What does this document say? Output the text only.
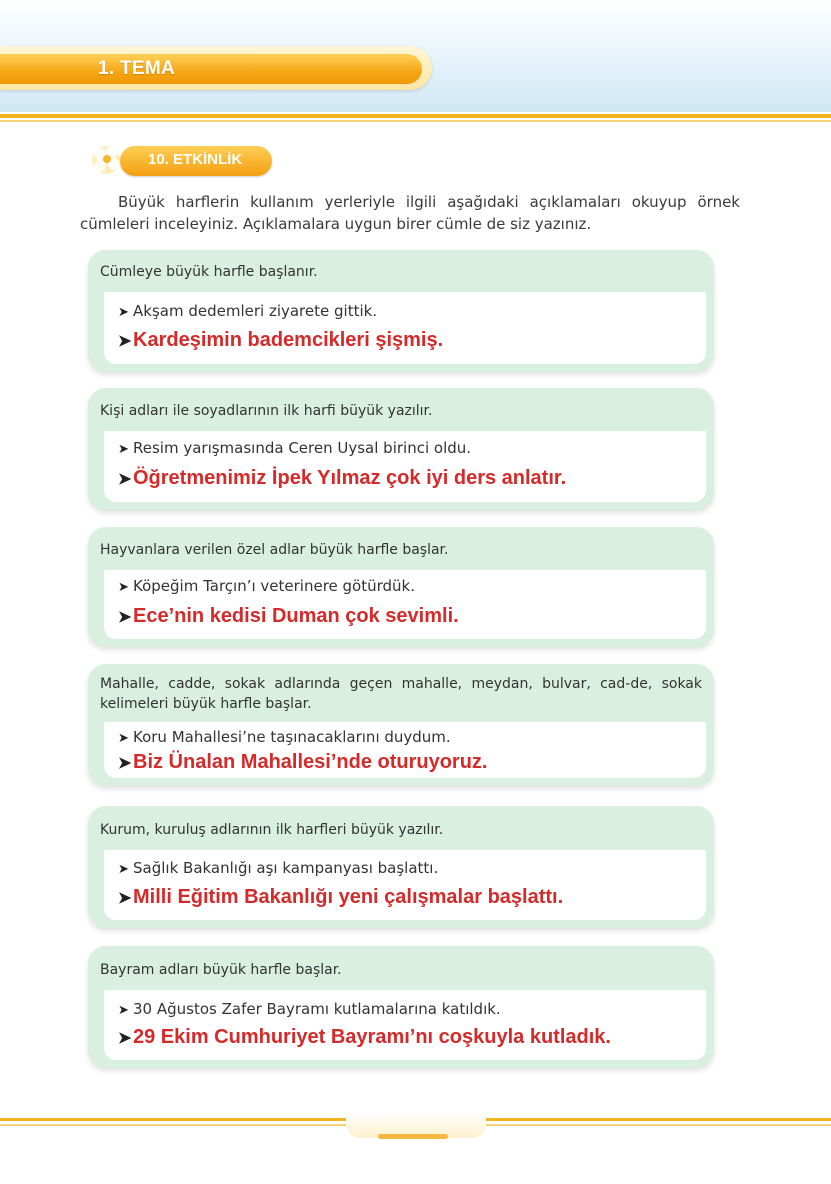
1. TEMA
10. ETKİNLİK

Büyük harflerin kullanım yerleriyle ilgili aşağıdaki açıklamaları okuyup örnek cümleleri inceleyiniz. Açıklamalara uygun birer cümle de siz yazınız.

Cümleye büyük harfle başlanır.
➤ Akşam dedemleri ziyarete gittik.
➤Kardeşimin bademcikleri şişmiş.
Kişi adları ile soyadlarının ilk harfi büyük yazılır.
➤ Resim yarışmasında Ceren Uysal birinci oldu.
➤Öğretmenimiz İpek Yılmaz çok iyi ders anlatır.
Hayvanlara verilen özel adlar büyük harfle başlar.
➤ Köpeğim Tarçın’ı veterinere götürdük.
➤Ece’nin kedisi Duman çok sevimli.
Mahalle, cadde, sokak adlarında geçen mahalle, meydan, bulvar, cad-de, sokak kelimeleri büyük harfle başlar.
➤ Koru Mahallesi’ne taşınacaklarını duydum.
➤Biz Ünalan Mahallesi’nde oturuyoruz.
Kurum, kuruluş adlarının ilk harfleri büyük yazılır.
➤ Sağlık Bakanlığı aşı kampanyası başlattı.
➤Milli Eğitim Bakanlığı yeni çalışmalar başlattı.
Bayram adları büyük harfle başlar.
➤ 30 Ağustos Zafer Bayramı kutlamalarına katıldık.
➤29 Ekim Cumhuriyet Bayramı’nı coşkuyla kutladık.
